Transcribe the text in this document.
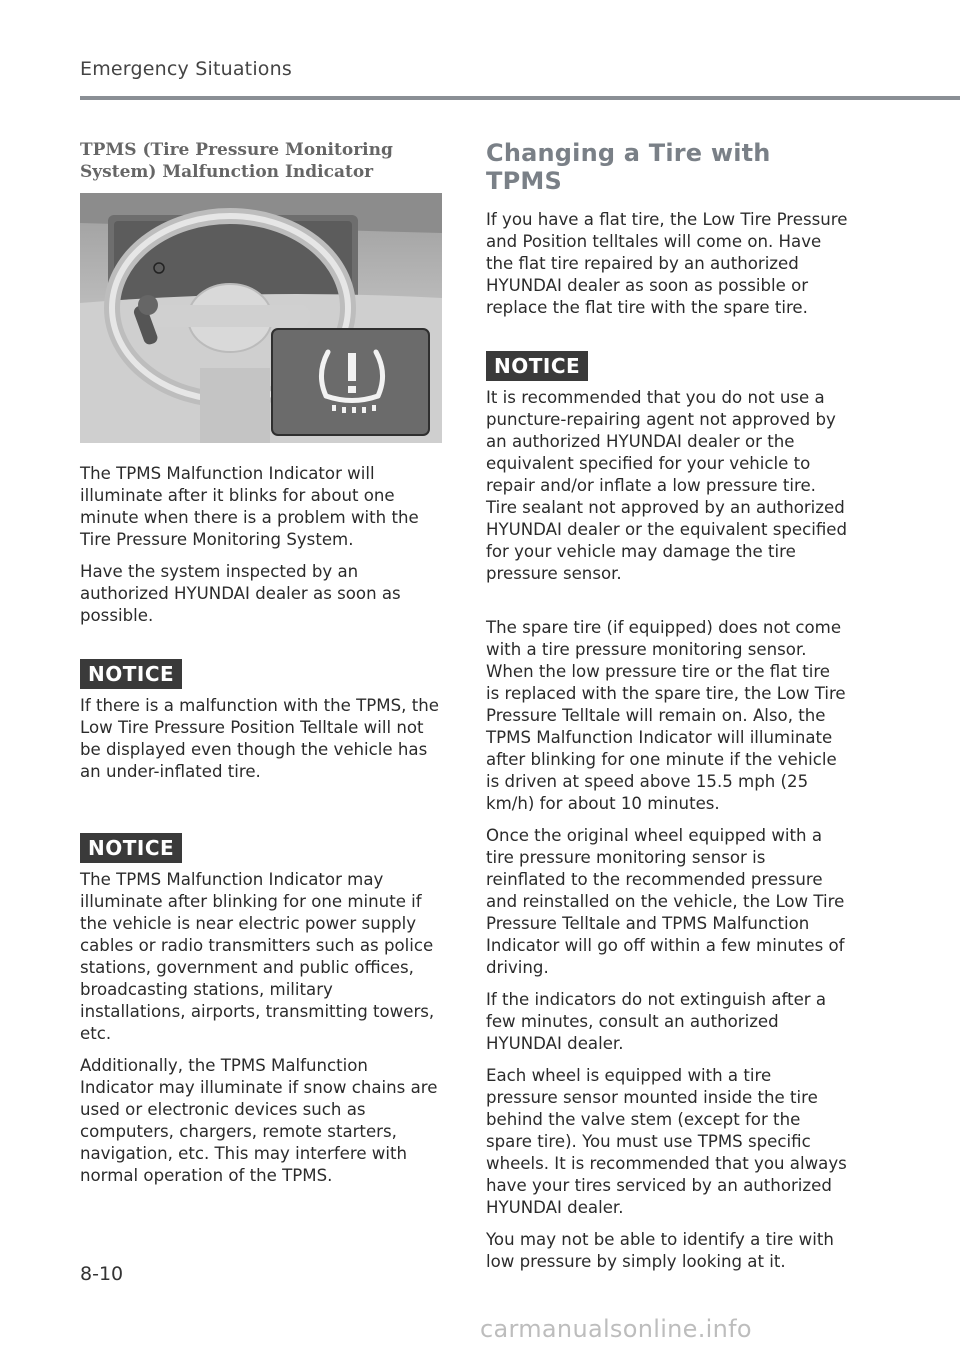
Emergency Situations
TPMS (Tire Pressure Monitoring System) Malfunction Indicator

The TPMS Malfunction Indicator will illuminate after it blinks for about one minute when there is a problem with the Tire Pressure Monitoring System.

Have the system inspected by an authorized HYUNDAI dealer as soon as possible.

NOTICE

If there is a malfunction with the TPMS, the Low Tire Pressure Position Telltale will not be displayed even though the vehicle has an under-inflated tire.

NOTICE

The TPMS Malfunction Indicator may illuminate after blinking for one minute if the vehicle is near electric power supply cables or radio transmitters such as police stations, government and public offices, broadcasting stations, military installations, airports, transmitting towers, etc.

Additionally, the TPMS Malfunction Indicator may illuminate if snow chains are used or electronic devices such as computers, chargers, remote starters, navigation, etc. This may interfere with normal operation of the TPMS.

Changing a Tire with TPMS

If you have a flat tire, the Low Tire Pressure and Position telltales will come on. Have the flat tire repaired by an authorized HYUNDAI dealer as soon as possible or replace the flat tire with the spare tire.

NOTICE

It is recommended that you do not use a puncture-repairing agent not approved by an authorized HYUNDAI dealer or the equivalent specified for your vehicle to repair and/or inflate a low pressure tire. Tire sealant not approved by an authorized HYUNDAI dealer or the equivalent specified for your vehicle may damage the tire pressure sensor.

The spare tire (if equipped) does not come with a tire pressure monitoring sensor. When the low pressure tire or the flat tire is replaced with the spare tire, the Low Tire Pressure Telltale will remain on. Also, the TPMS Malfunction Indicator will illuminate after blinking for one minute if the vehicle is driven at speed above 15.5 mph (25 km/h) for about 10 minutes.

Once the original wheel equipped with a tire pressure monitoring sensor is reinflated to the recommended pressure and reinstalled on the vehicle, the Low Tire Pressure Telltale and TPMS Malfunction Indicator will go off within a few minutes of driving.

If the indicators do not extinguish after a few minutes, consult an authorized HYUNDAI dealer.

Each wheel is equipped with a tire pressure sensor mounted inside the tire behind the valve stem (except for the spare tire). You must use TPMS specific wheels. It is recommended that you always have your tires serviced by an authorized HYUNDAI dealer.

You may not be able to identify a tire with low pressure by simply looking at it.

8-10
carmanualsonline.info
